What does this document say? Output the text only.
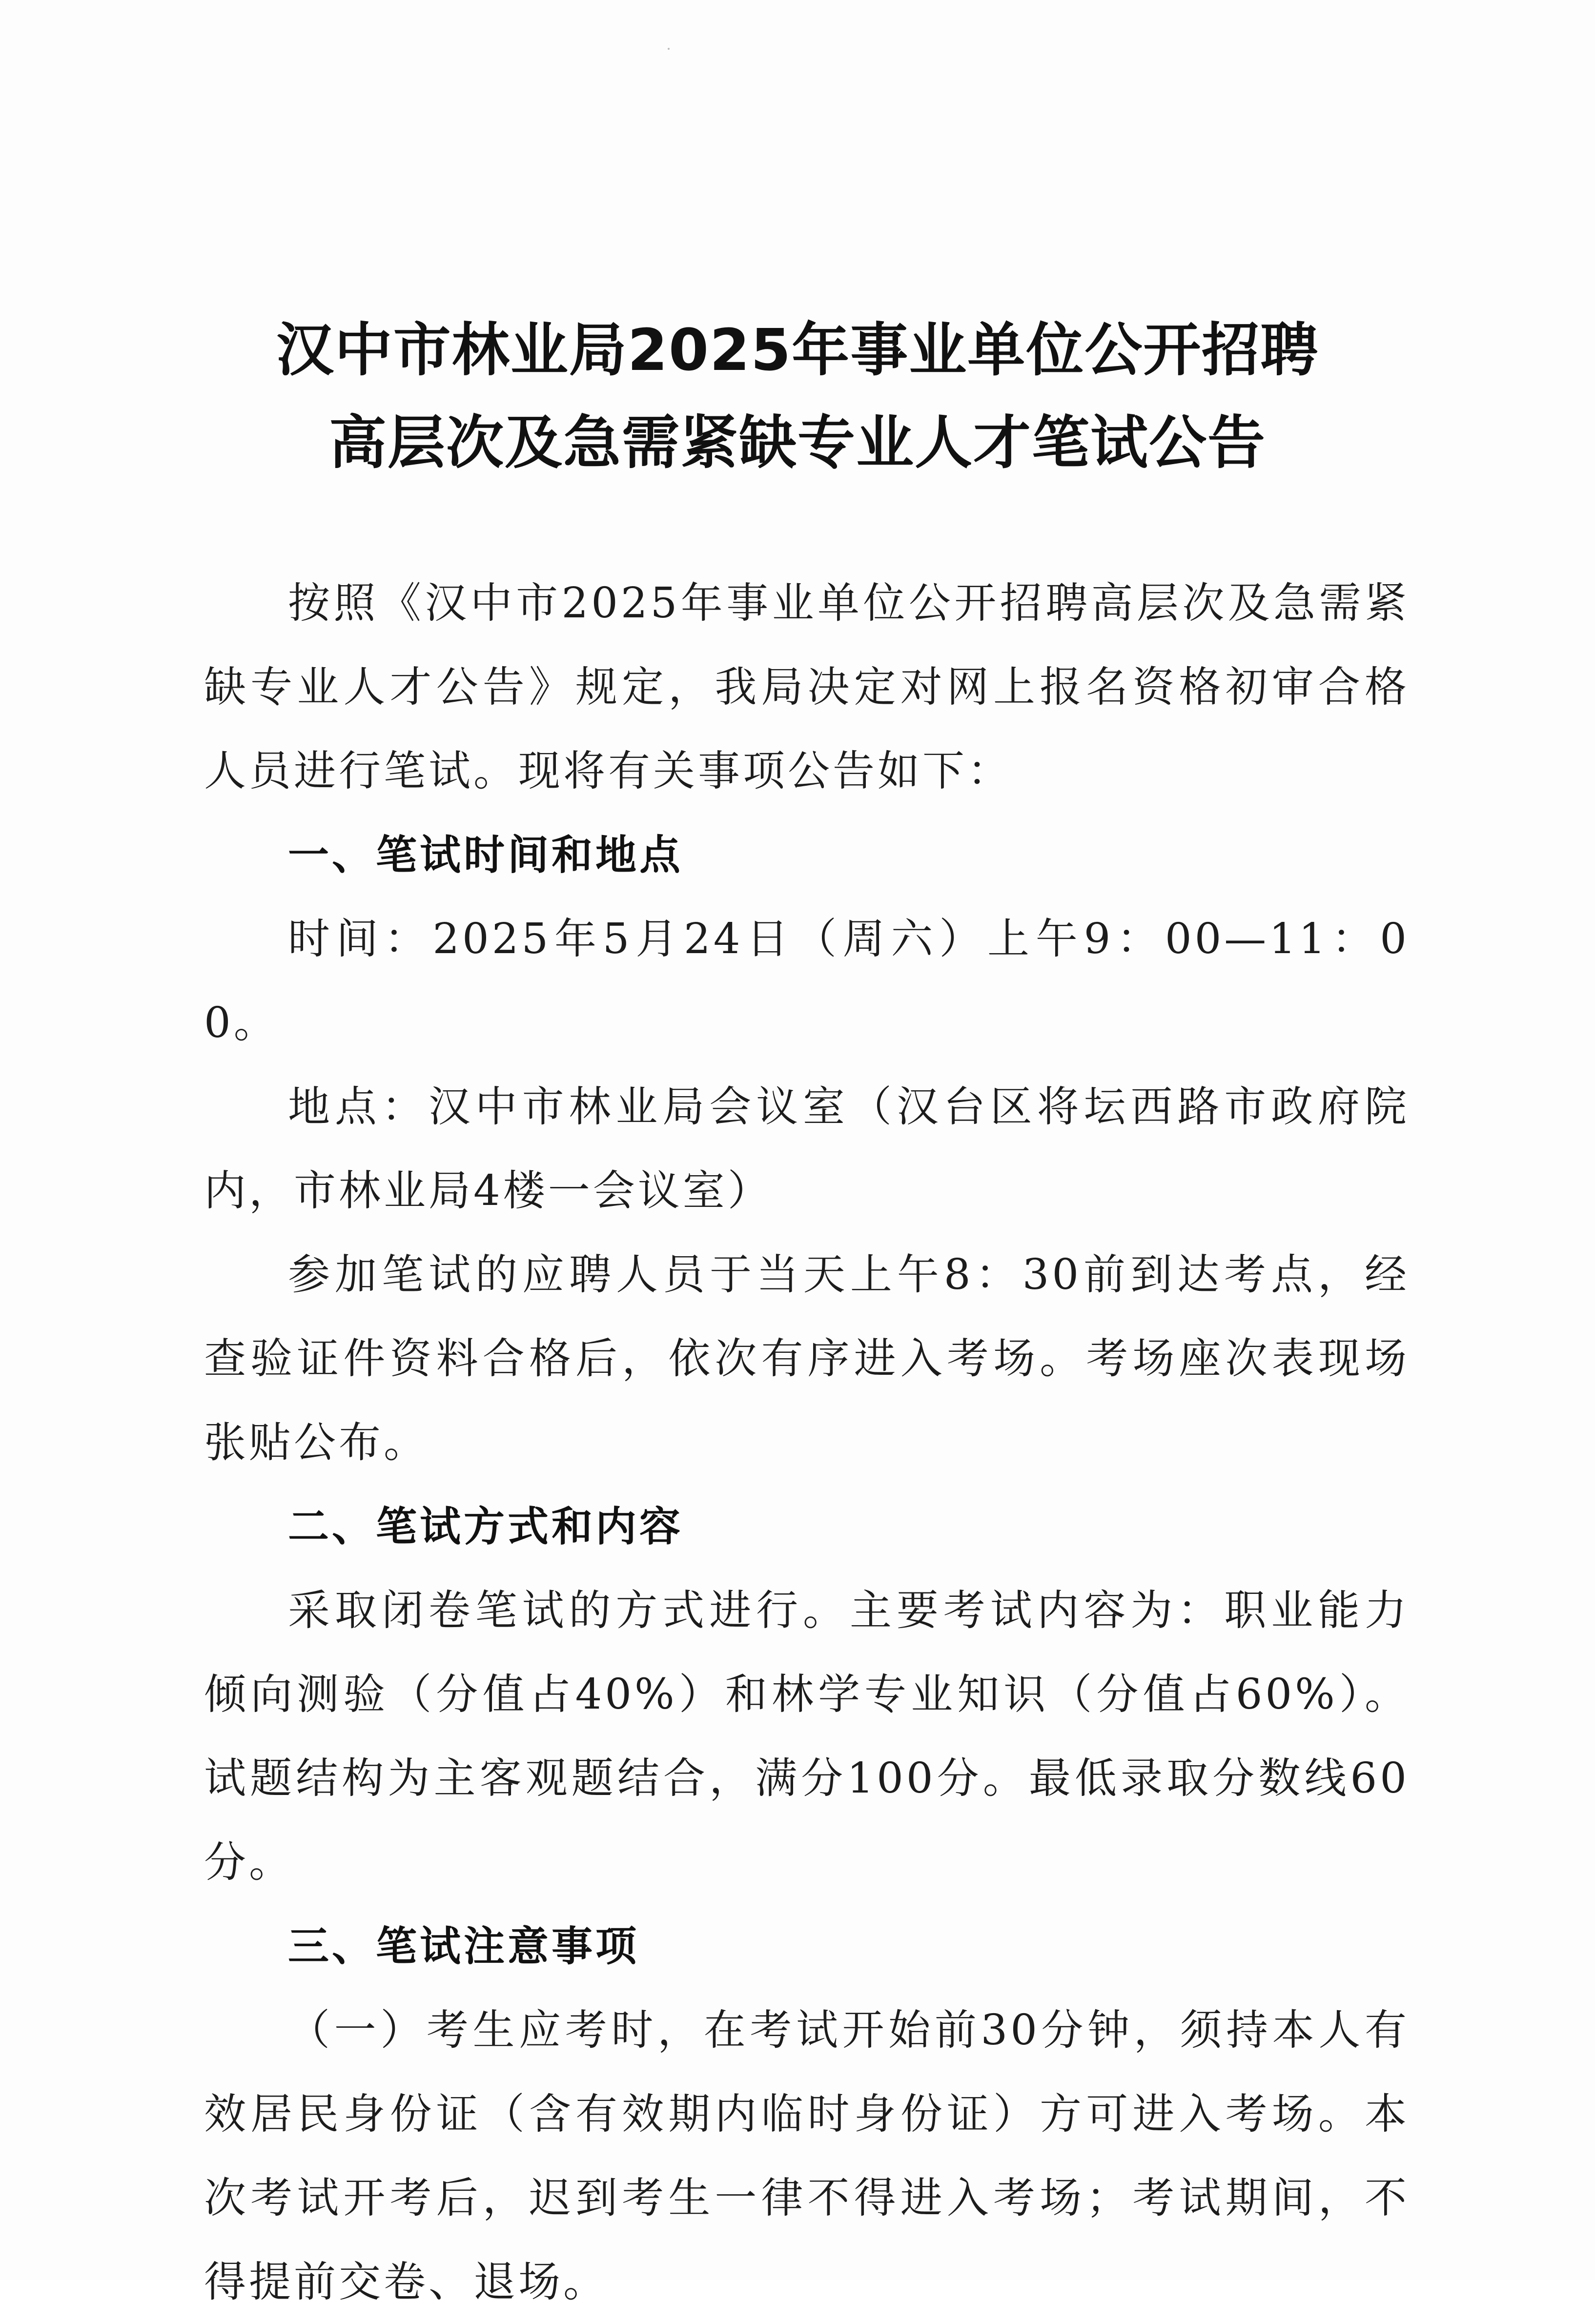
汉中市林业局2025年事业单位公开招聘
高层次及急需紧缺专业人才笔试公告

按照《汉中市2025年事业单位公开招聘高层次及急需紧缺专业人才公告》规定，我局决定对网上报名资格初审合格人员进行笔试。现将有关事项公告如下：

一、笔试时间和地点

时间：2025年5月24日（周六）上午9：00—11：00。

地点：汉中市林业局会议室（汉台区将坛西路市政府院内，市林业局4楼一会议室）

参加笔试的应聘人员于当天上午8：30前到达考点，经查验证件资料合格后，依次有序进入考场。考场座次表现场张贴公布。

二、笔试方式和内容

采取闭卷笔试的方式进行。主要考试内容为：职业能力倾向测验（分值占40%）和林学专业知识（分值占60%）。试题结构为主客观题结合，满分100分。最低录取分数线60分。

三、笔试注意事项

（一）考生应考时，在考试开始前30分钟，须持本人有效居民身份证（含有效期内临时身份证）方可进入考场。本次考试开考后，迟到考生一律不得进入考场；考试期间，不得提前交卷、退场。
